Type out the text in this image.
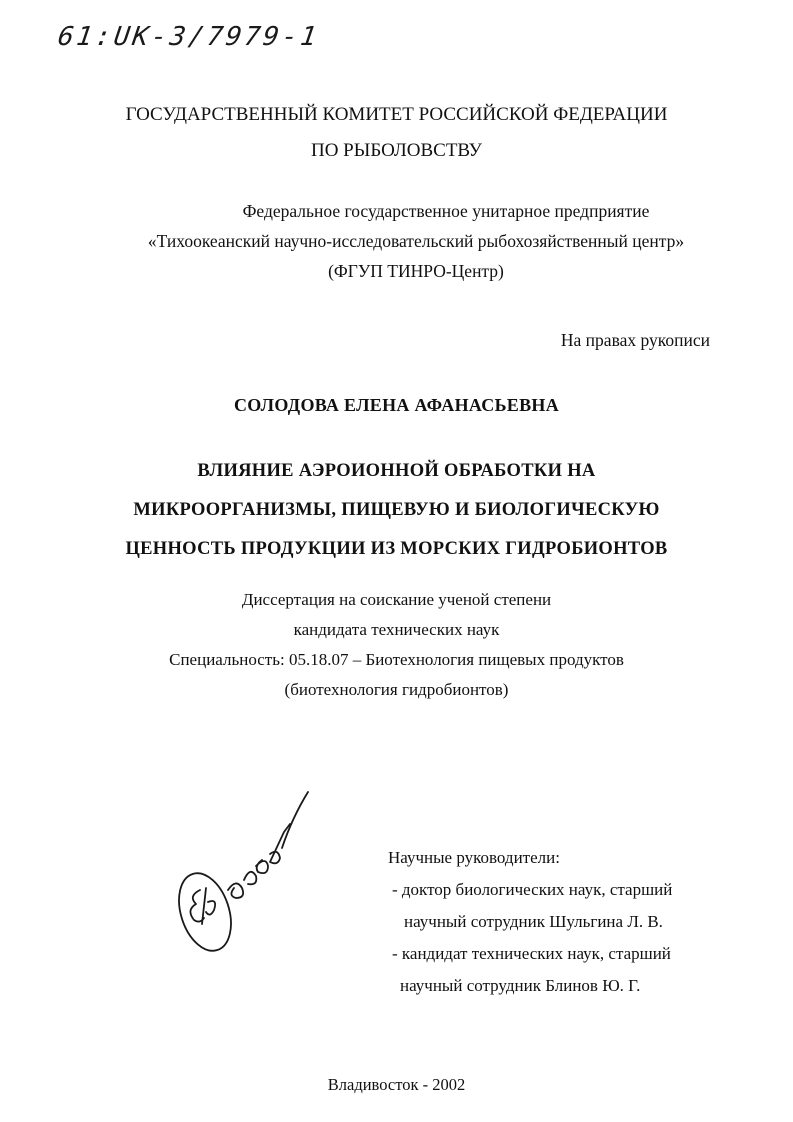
61:UK-3/7979-1
ГОСУДАРСТВЕННЫЙ КОМИТЕТ РОССИЙСКОЙ ФЕДЕРАЦИИ
ПО РЫБОЛОВСТВУ
Федеральное государственное унитарное предприятие
«Тихоокеанский научно-исследовательский рыбохозяйственный центр»
(ФГУП ТИНРО-Центр)
На правах рукописи
СОЛОДОВА ЕЛЕНА АФАНАСЬЕВНА
ВЛИЯНИЕ АЭРОИОННОЙ ОБРАБОТКИ НА
МИКРООРГАНИЗМЫ, ПИЩЕВУЮ И БИОЛОГИЧЕСКУЮ
ЦЕННОСТЬ ПРОДУКЦИИ ИЗ МОРСКИХ ГИДРОБИОНТОВ
Диссертация на соискание ученой степени
кандидата технических наук
Специальность: 05.18.07 – Биотехнология пищевых продуктов
(биотехнология гидробионтов)
Научные руководители:
- доктор биологических наук, старший
научный сотрудник Шульгина Л. В.
- кандидат технических наук, старший
научный сотрудник Блинов Ю. Г.
Владивосток - 2002
